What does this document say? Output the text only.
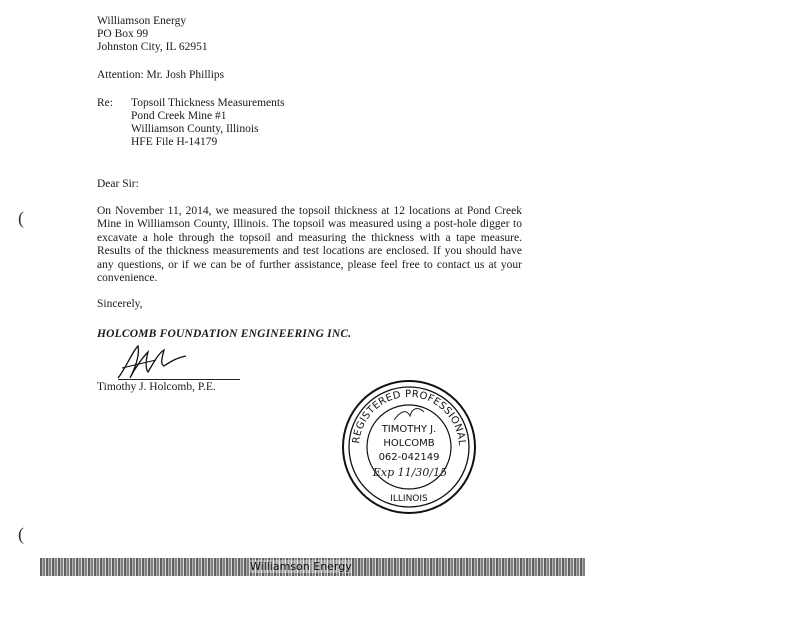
Williamson Energy
PO Box 99
Johnston City, IL 62951
Attention: Mr. Josh Phillips
Re: Topsoil Thickness Measurements
Pond Creek Mine #1
Williamson County, Illinois
HFE File H-14179
Dear Sir:
On November 11, 2014, we measured the topsoil thickness at 12 locations at Pond Creek Mine in Williamson County, Illinois. The topsoil was measured using a post-hole digger to excavate a hole through the topsoil and measuring the thickness with a tape measure. Results of the thickness measurements and test locations are enclosed. If you should have any questions, or if we can be of further assistance, please feel free to contact us at your convenience.
Sincerely,
HOLCOMB FOUNDATION ENGINEERING INC.
Timothy J. Holcomb, P.E.
REGISTERED PROFESSIONAL
TIMOTHY J.
HOLCOMB
062-042149
Exp 11/30/15
ILLINOIS
(
(
Williamson Energy
